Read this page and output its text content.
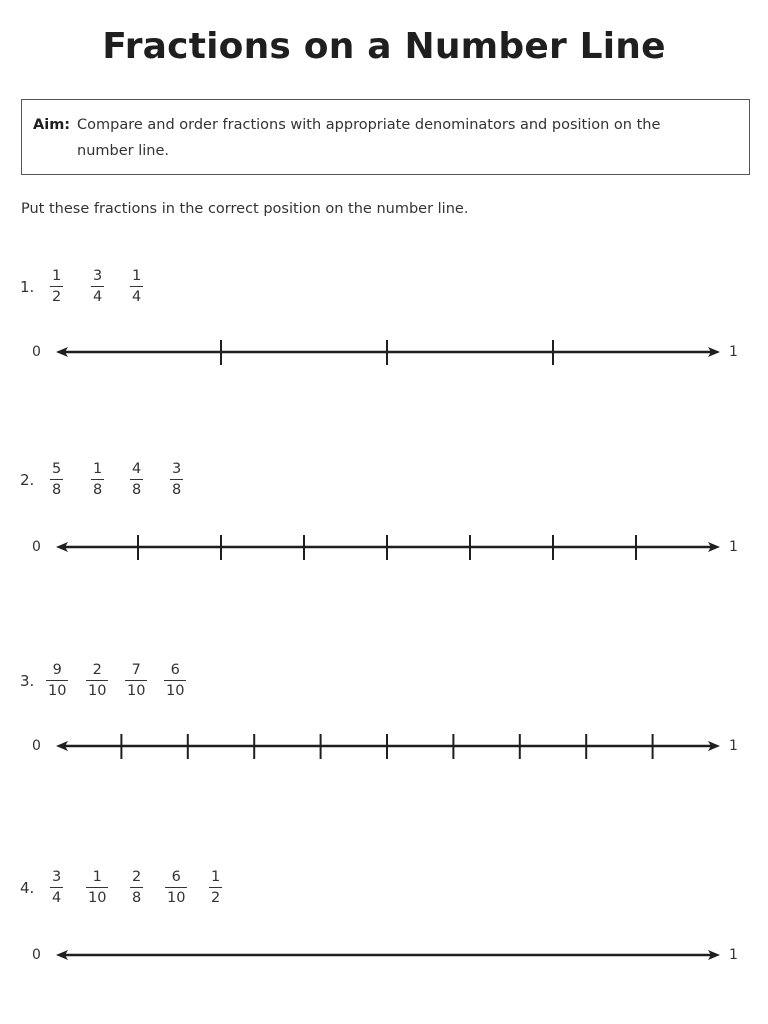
Fractions on a Number Line
Aim: Compare and order fractions with appropriate denominators and position on the
number line.
Put these fractions in the correct position on the number line.
1.
1
2
3
4
1
4
0	1
2.
5
8
1
8
4
8
3
8
0	1
3.
9
10
2
10
7
10
6
10
0	1
4.
3
4
1
10
2
8
6
10
1
2
0	1
